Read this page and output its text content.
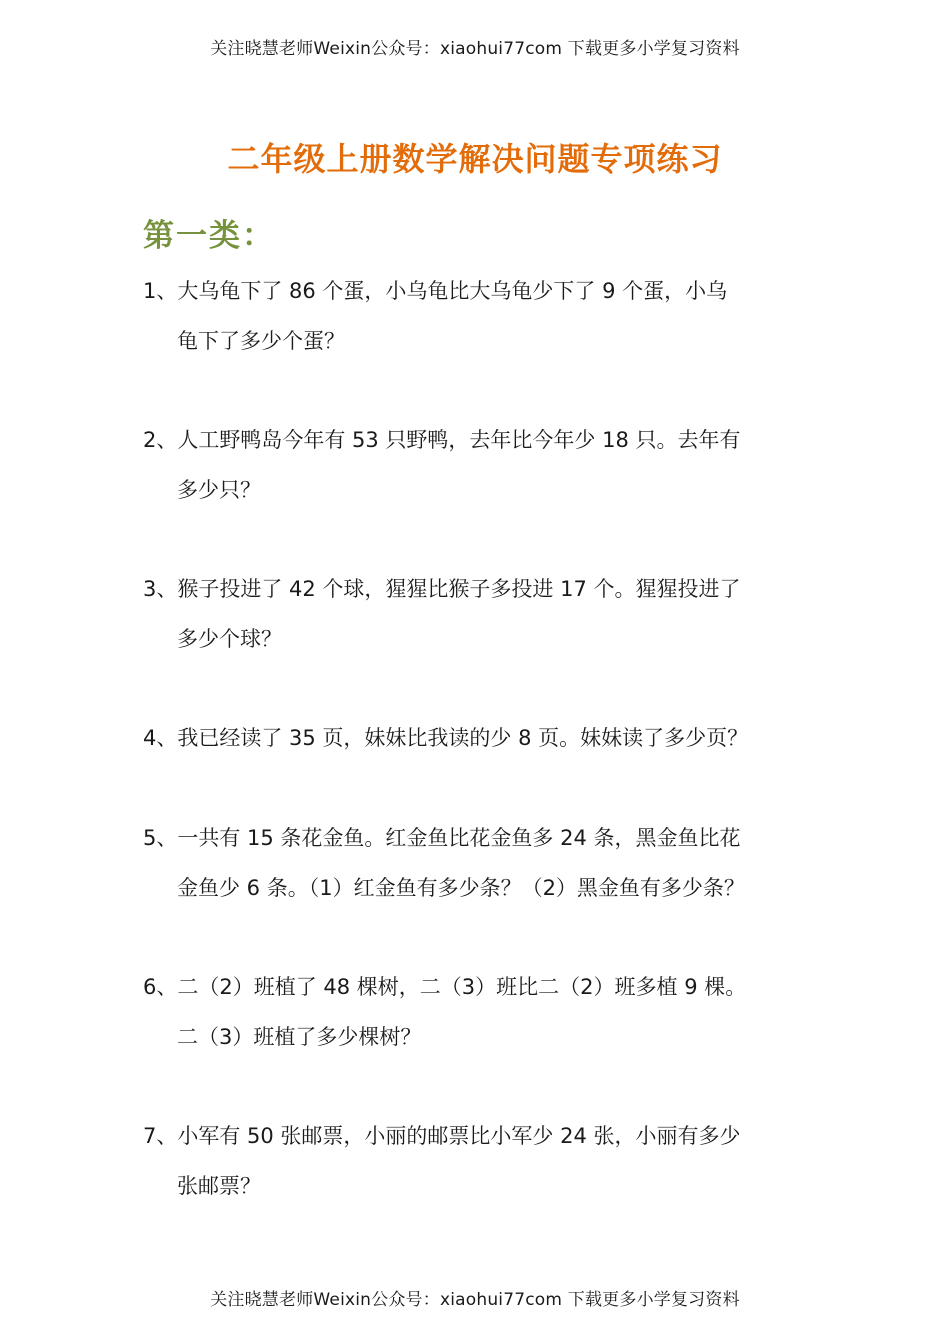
关注晓慧老师Weixin公众号：xiaohui77com 下载更多小学复习资料
二年级上册数学解决问题专项练习
第一类：
1、大乌龟下了 86 个蛋，小乌龟比大乌龟少下了 9 个蛋，小乌
龟下了多少个蛋？
2、人工野鸭岛今年有 53 只野鸭，去年比今年少 18 只。去年有
多少只？
3、猴子投进了 42 个球，猩猩比猴子多投进 17 个。猩猩投进了
多少个球？
4、我已经读了 35 页，妹妹比我读的少 8 页。妹妹读了多少页？
5、一共有 15 条花金鱼。红金鱼比花金鱼多 24 条，黑金鱼比花
金鱼少 6 条。（1）红金鱼有多少条？（2）黑金鱼有多少条？
6、二（2）班植了 48 棵树，二（3）班比二（2）班多植 9 棵。
二（3）班植了多少棵树？
7、小军有 50 张邮票，小丽的邮票比小军少 24 张，小丽有多少
张邮票？
关注晓慧老师Weixin公众号：xiaohui77com 下载更多小学复习资料
